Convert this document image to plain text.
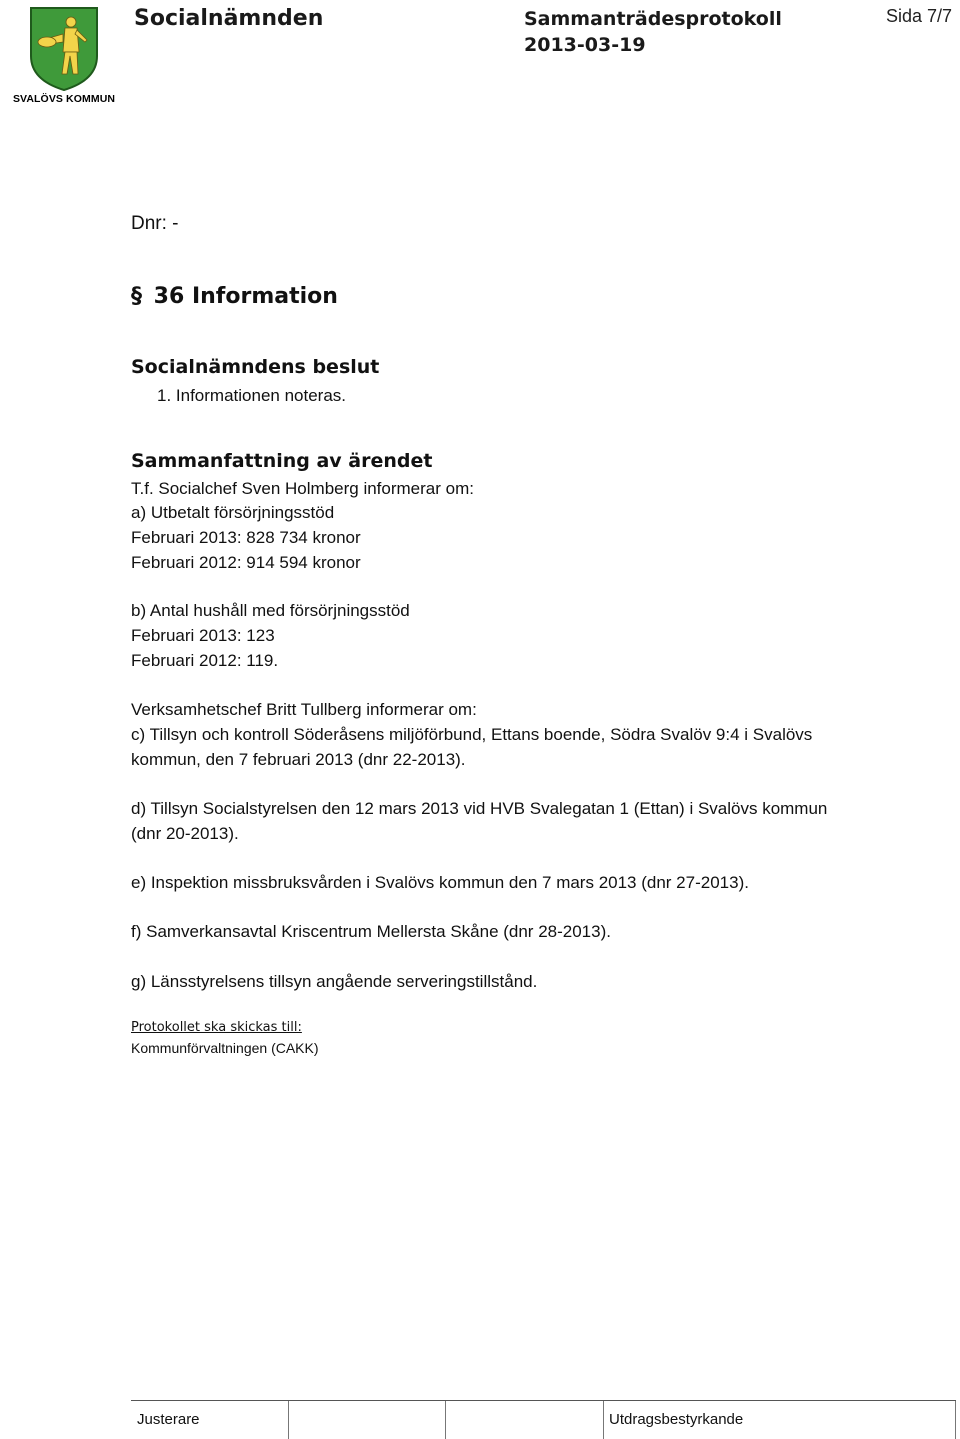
SVALÖVS KOMMUN
Socialnämnden	Sammanträdesprotokoll
2013-03-19
Sida 7/7
Dnr: -
§ 36 Information
Socialnämndens beslut
1. Informationen noteras.
Sammanfattning av ärendet
T.f. Socialchef Sven Holmberg informerar om:
a) Utbetalt försörjningsstöd
Februari 2013: 828 734 kronor
Februari 2012: 914 594 kronor
b) Antal hushåll med försörjningsstöd
Februari 2013: 123
Februari 2012: 119.
Verksamhetschef Britt Tullberg informerar om:
c) Tillsyn och kontroll Söderåsens miljöförbund, Ettans boende, Södra Svalöv 9:4 i Svalövs
kommun, den 7 februari 2013 (dnr 22-2013).
d) Tillsyn Socialstyrelsen den 12 mars 2013 vid HVB Svalegatan 1 (Ettan) i Svalövs kommun
(dnr 20-2013).
e) Inspektion missbruksvården i Svalövs kommun den 7 mars 2013 (dnr 27-2013).
f) Samverkansavtal Kriscentrum Mellersta Skåne (dnr 28-2013).
g) Länsstyrelsens tillsyn angående serveringstillstånd.
Protokollet ska skickas till:
Kommunförvaltningen (CAKK)
Justerare	Utdragsbestyrkande
